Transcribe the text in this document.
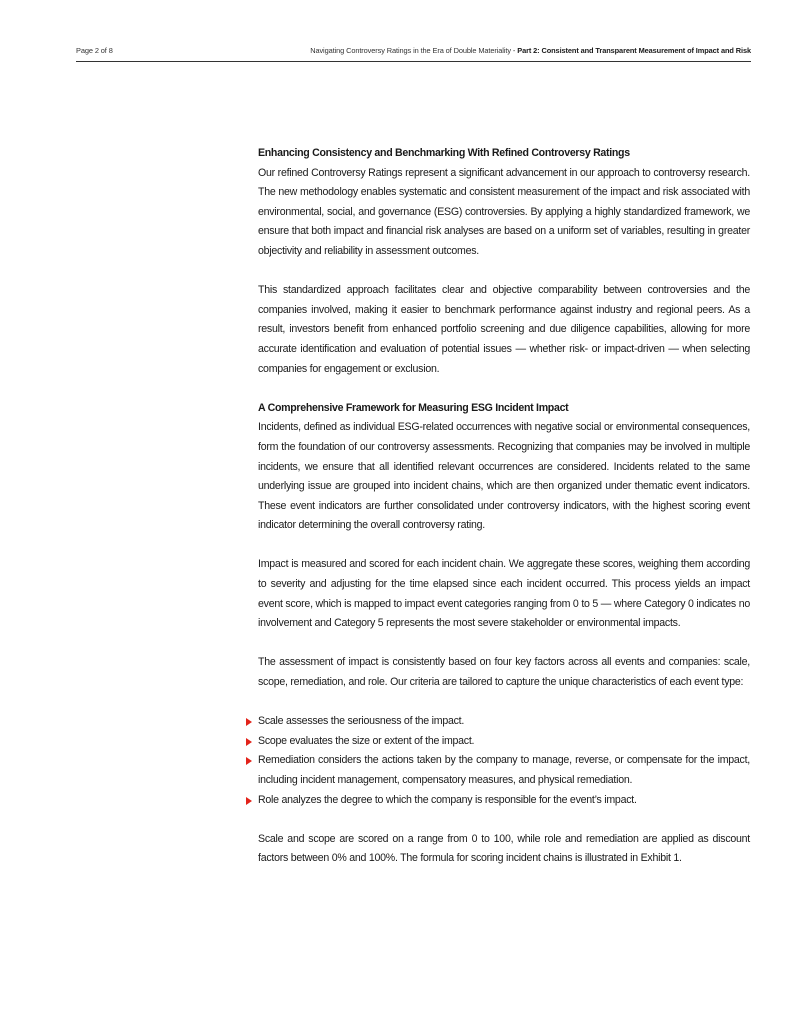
Page 2 of 8	Navigating Controversy Ratings in the Era of Double Materiality - Part 2: Consistent and Transparent Measurement of Impact and Risk
Enhancing Consistency and Benchmarking With Refined Controversy Ratings

Our refined Controversy Ratings represent a significant advancement in our approach to controversy research. The new methodology enables systematic and consistent measurement of the impact and risk associated with environmental, social, and governance (ESG) controversies. By applying a highly standardized framework, we ensure that both impact and financial risk analyses are based on a uniform set of variables, resulting in greater objectivity and reliability in assessment outcomes.

This standardized approach facilitates clear and objective comparability between controversies and the companies involved, making it easier to benchmark performance against industry and regional peers. As a result, investors benefit from enhanced portfolio screening and due diligence capabilities, allowing for more accurate identification and evaluation of potential issues — whether risk- or impact-driven — when selecting companies for engagement or exclusion.

A Comprehensive Framework for Measuring ESG Incident Impact

Incidents, defined as individual ESG-related occurrences with negative social or environmental consequences, form the foundation of our controversy assessments. Recognizing that companies may be involved in multiple incidents, we ensure that all identified relevant occurrences are considered. Incidents related to the same underlying issue are grouped into incident chains, which are then organized under thematic event indicators. These event indicators are further consolidated under controversy indicators, with the highest scoring event indicator determining the overall controversy rating.

Impact is measured and scored for each incident chain. We aggregate these scores, weighing them according to severity and adjusting for the time elapsed since each incident occurred. This process yields an impact event score, which is mapped to impact event categories ranging from 0 to 5 — where Category 0 indicates no involvement and Category 5 represents the most severe stakeholder or environmental impacts.

The assessment of impact is consistently based on four key factors across all events and companies: scale, scope, remediation, and role. Our criteria are tailored to capture the unique characteristics of each event type:

Scale assesses the seriousness of the impact.
Scope evaluates the size or extent of the impact.
Remediation considers the actions taken by the company to manage, reverse, or compensate for the impact, including incident management, compensatory measures, and physical remediation.
Role analyzes the degree to which the company is responsible for the event’s impact.

Scale and scope are scored on a range from 0 to 100, while role and remediation are applied as discount factors between 0% and 100%. The formula for scoring incident chains is illustrated in Exhibit 1.
